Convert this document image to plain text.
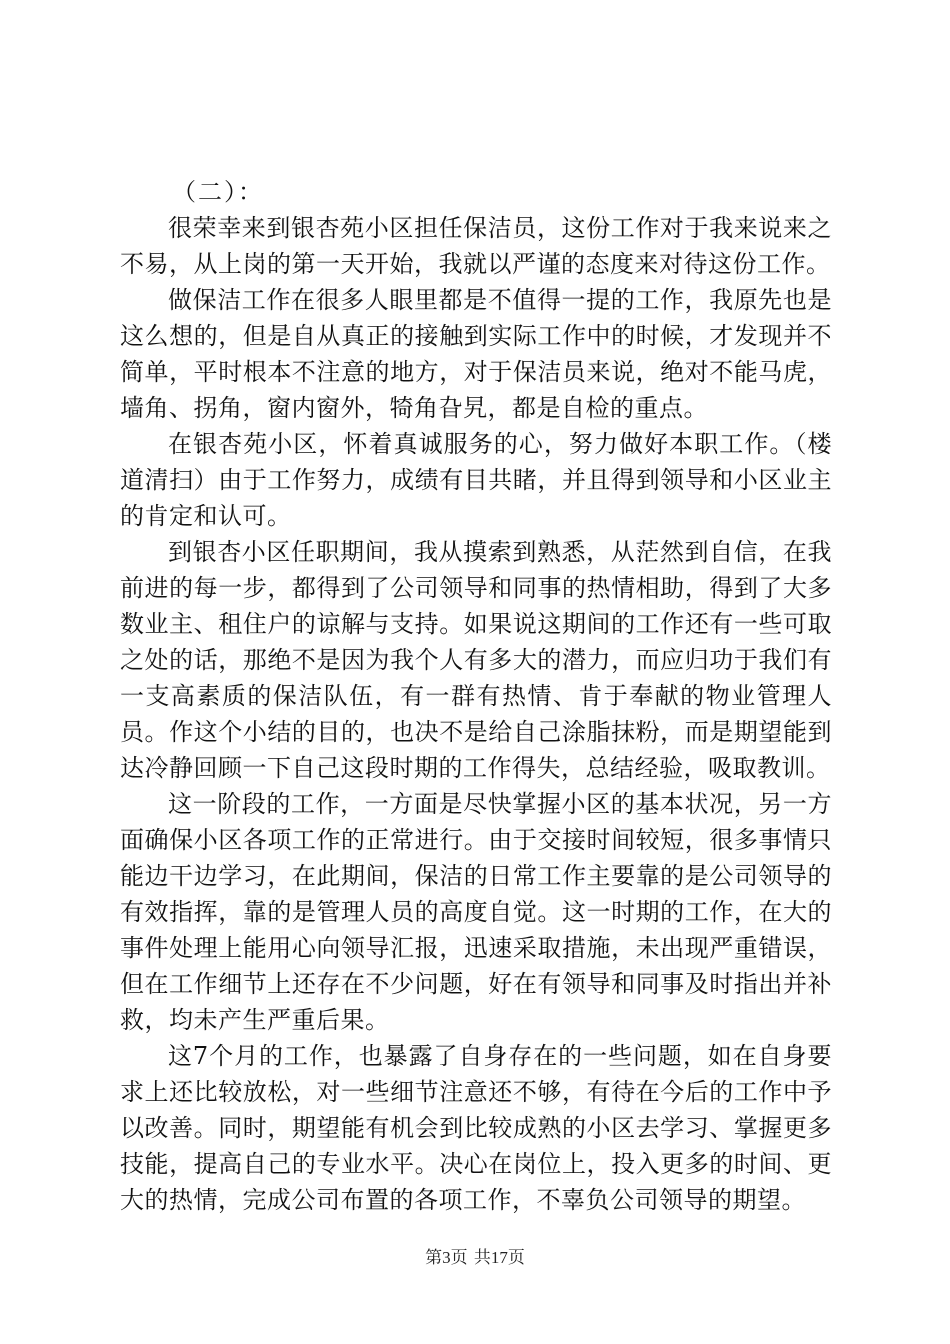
（二）：

很荣幸来到银杏苑小区担任保洁员，这份工作对于我来说来之不易，从上岗的第一天开始，我就以严谨的态度来对待这份工作。

做保洁工作在很多人眼里都是不值得一提的工作，我原先也是这么想的，但是自从真正的接触到实际工作中的时候，才发现并不简单，平时根本不注意的地方，对于保洁员来说，绝对不能马虎，墙角、拐角，窗内窗外，犄角旮旯，都是自检的重点。

在银杏苑小区，怀着真诚服务的心，努力做好本职工作。（楼道清扫）由于工作努力，成绩有目共睹，并且得到领导和小区业主的肯定和认可。

到银杏小区任职期间，我从摸索到熟悉，从茫然到自信，在我前进的每一步，都得到了公司领导和同事的热情相助，得到了大多数业主、租住户的谅解与支持。如果说这期间的工作还有一些可取之处的话，那绝不是因为我个人有多大的潜力，而应归功于我们有一支高素质的保洁队伍，有一群有热情、肯于奉献的物业管理人员。作这个小结的目的，也决不是给自己涂脂抹粉，而是期望能到达冷静回顾一下自己这段时期的工作得失，总结经验，吸取教训。

这一阶段的工作，一方面是尽快掌握小区的基本状况，另一方面确保小区各项工作的正常进行。由于交接时间较短，很多事情只能边干边学习，在此期间，保洁的日常工作主要靠的是公司领导的有效指挥，靠的是管理人员的高度自觉。这一时期的工作，在大的事件处理上能用心向领导汇报，迅速采取措施，未出现严重错误，但在工作细节上还存在不少问题，好在有领导和同事及时指出并补救，均未产生严重后果。

这7个月的工作，也暴露了自身存在的一些问题，如在自身要求上还比较放松，对一些细节注意还不够，有待在今后的工作中予以改善。同时，期望能有机会到比较成熟的小区去学习、掌握更多技能，提高自己的专业水平。决心在岗位上，投入更多的时间、更大的热情，完成公司布置的各项工作，不辜负公司领导的期望。

第3页 共17页
